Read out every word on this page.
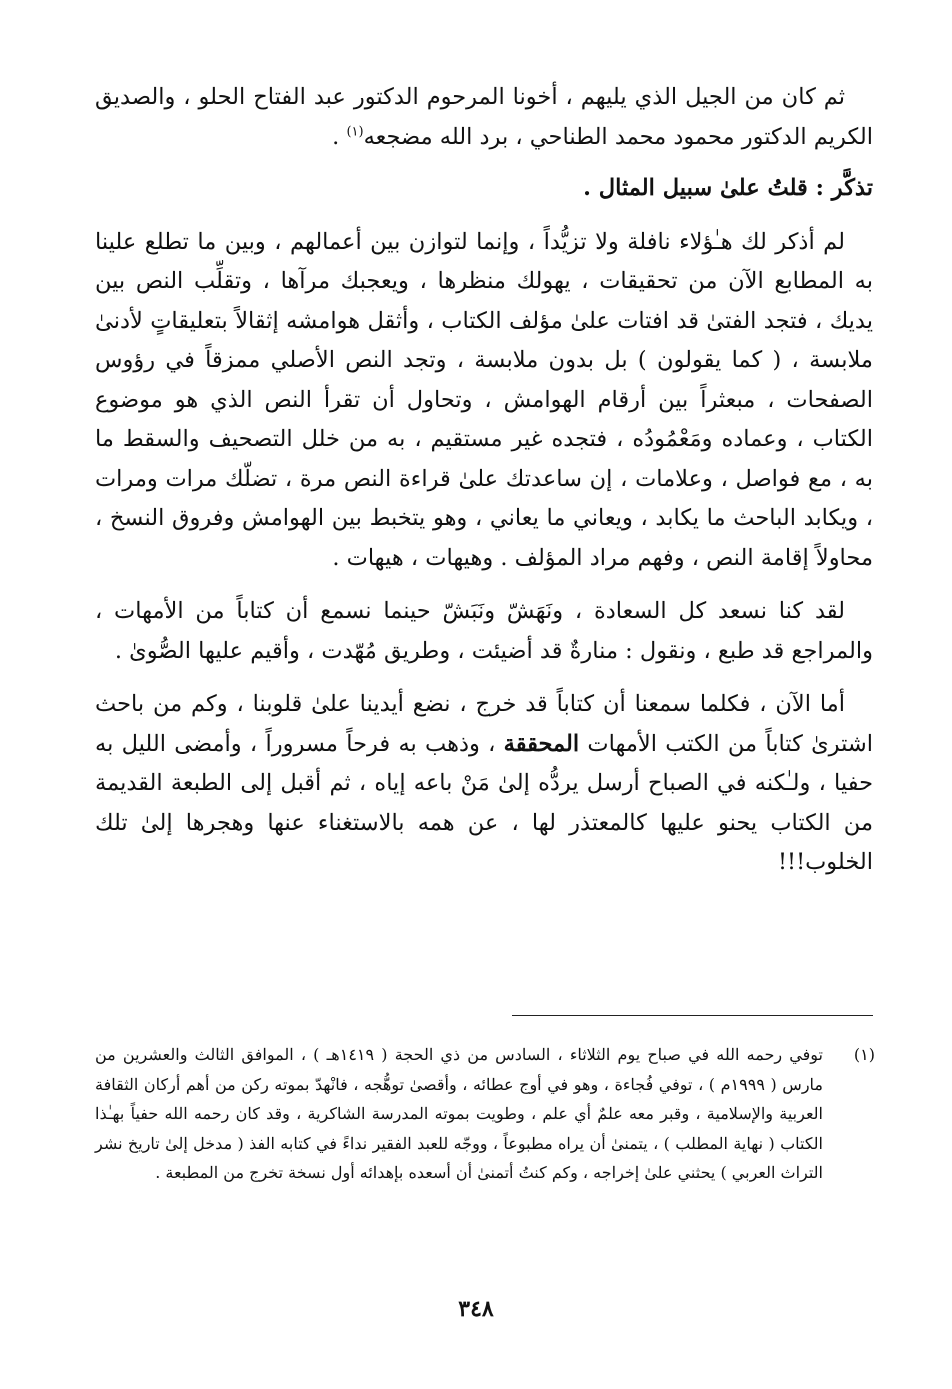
ثم كان من الجيل الذي يليهم ، أخونا المرحوم الدكتور عبد الفتاح الحلو ، والصديق الكريم الدكتور محمود محمد الطناحي ، برد الله مضجعه$^{(١)}$ .

تذكَّر : قلتُ علىٰ سبيل المثال .

لم أذكر لك هـٰؤلاء نافلة ولا تزيُّداً ، وإنما لتوازن بين أعمالهم ، وبين ما تطلع علينا به المطابع الآن من تحقيقات ، يهولك منظرها ، ويعجبك مرآها ، وتقلِّب النص بين يديك ، فتجد الفتىٰ قد افتات علىٰ مؤلف الكتاب ، وأثقل هوامشه إثقالاً بتعليقاتٍ لأدنىٰ ملابسة ، ( كما يقولون ) بل بدون ملابسة ، وتجد النص الأصلي ممزقاً في رؤوس الصفحات ، مبعثراً بين أرقام الهوامش ، وتحاول أن تقرأ النص الذي هو موضوع الكتاب ، وعماده ومَعْمُودُه ، فتجده غير مستقيم ، به من خلل التصحيف والسقط ما به ، مع فواصل ، وعلامات ، إن ساعدتك علىٰ قراءة النص مرة ، تضلّك مرات ومرات ، ويكابد الباحث ما يكابد ، ويعاني ما يعاني ، وهو يتخبط بين الهوامش وفروق النسخ ، محاولاً إقامة النص ، وفهم مراد المؤلف . وهيهات ، هيهات .

لقد كنا نسعد كل السعادة ، ونَهَشّ ونَبَشّ حينما نسمع أن كتاباً من الأمهات ، والمراجع قد طبع ، ونقول : منارةٌ قد أضيئت ، وطريق مُهّدت ، وأقيم عليها الصُّوىٰ .

أما الآن ، فكلما سمعنا أن كتاباً قد خرج ، نضع أيدينا علىٰ قلوبنا ، وكم من باحث اشترىٰ كتاباً من الكتب الأمهات المحققة ، وذهب به فرحاً مسروراً ، وأمضى الليل به حفيا ، ولـٰكنه في الصباح أرسل يردُّه إلىٰ مَنْ باعه إياه ، ثم أقبل إلى الطبعة القديمة من الكتاب يحنو عليها كالمعتذر لها ، عن همه بالاستغناء عنها وهجرها إلىٰ تلك الخلوب!!!

(١)
توفي رحمه الله في صباح يوم الثلاثاء ، السادس من ذي الحجة ( ١٤١٩هـ ) ، الموافق الثالث والعشرين من مارس ( ١٩٩٩م ) ، توفي فُجاءة ، وهو في أوج عطائه ، وأقصىٰ توهُّجه ، فانْهدّ بموته ركن من أهم أركان الثقافة العربية والإسلامية ، وقبر معه علمٌ أي علم ، وطويت بموته المدرسة الشاكرية ، وقد كان رحمه الله حفياً بهـٰذا الكتاب ( نهاية المطلب ) ، يتمنىٰ أن يراه مطبوعاً ، ووجّه للعبد الفقير نداءً في كتابه الفذ ( مدخل إلىٰ تاريخ نشر التراث العربي ) يحثني علىٰ إخراجه ، وكم كنتُ أتمنىٰ أن أسعده بإهدائه أول نسخة تخرج من المطبعة .
٣٤٨
